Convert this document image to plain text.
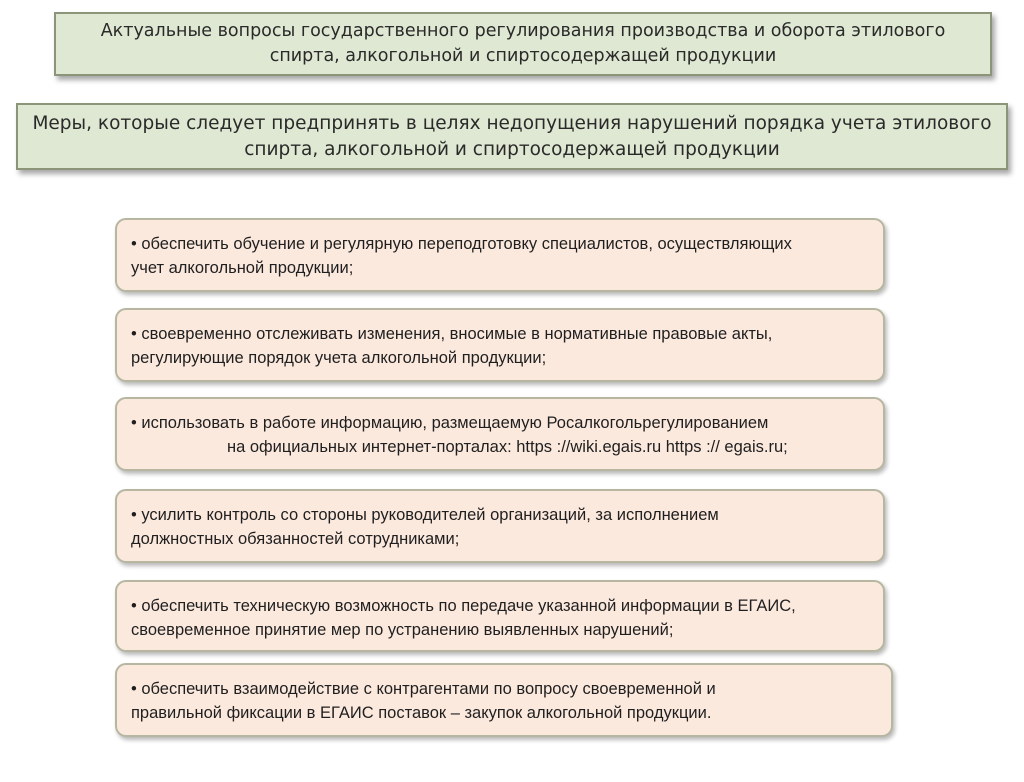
Актуальные вопросы государственного регулирования производства и оборота этилового
спирта, алкогольной и спиртосодержащей продукции
Меры, которые следует предпринять в целях недопущения нарушений порядка учета этилового
спирта, алкогольной и спиртосодержащей продукции
• обеспечить обучение и регулярную переподготовку специалистов, осуществляющих
учет алкогольной продукции;
• своевременно отслеживать изменения, вносимые в нормативные правовые акты,
регулирующие порядок учета алкогольной продукции;
• использовать в работе информацию, размещаемую Росалкогольрегулированием
на официальных интернет-порталах: https ://wiki.egais.ru https :// egais.ru;
• усилить контроль со стороны руководителей организаций, за исполнением
должностных обязанностей сотрудниками;
• обеспечить техническую возможность по передаче указанной информации в ЕГАИС,
своевременное принятие мер по устранению выявленных нарушений;
• обеспечить взаимодействие с контрагентами по вопросу своевременной и
правильной фиксации в ЕГАИС поставок – закупок алкогольной продукции.
